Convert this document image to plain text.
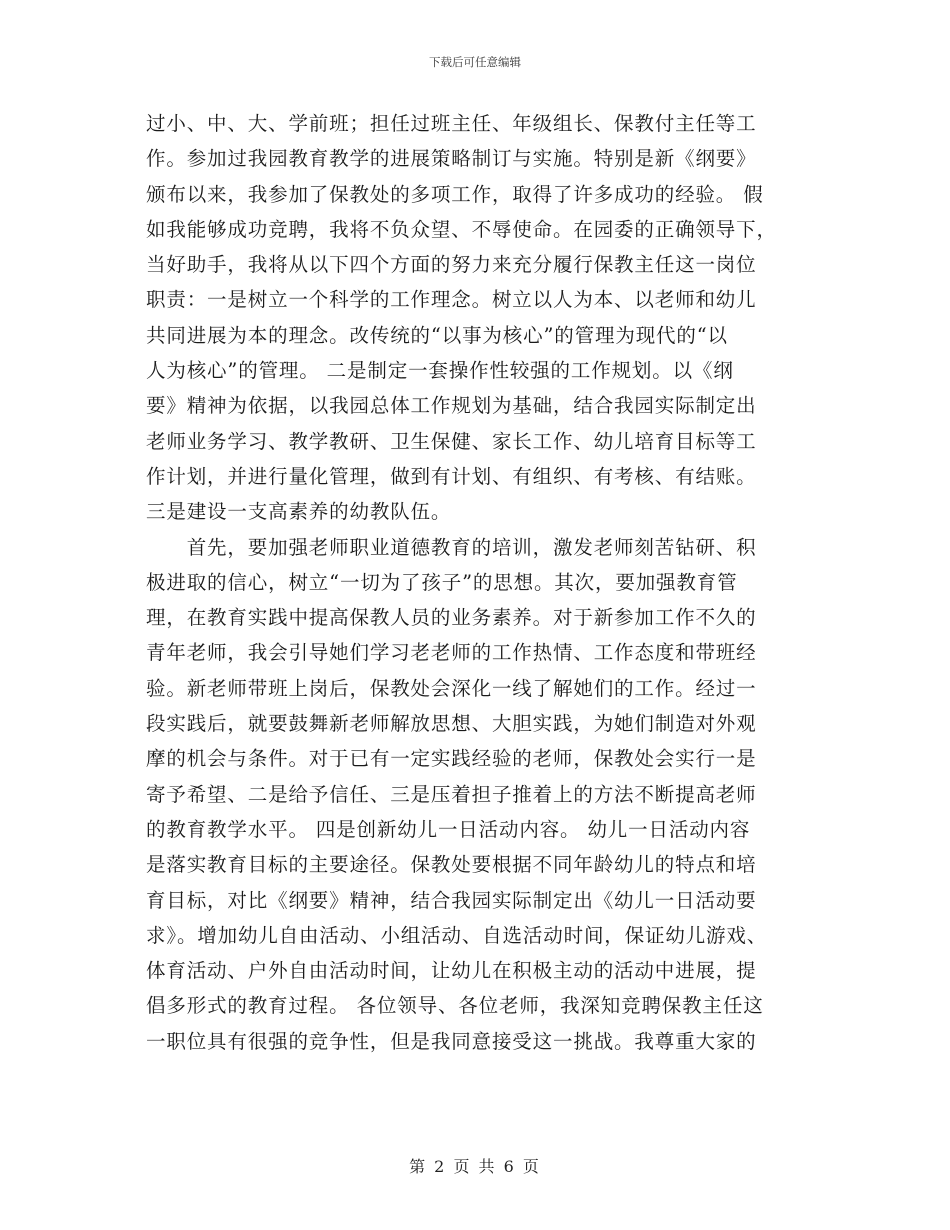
下载后可任意编辑
过小、中、大、学前班；担任过班主任、年级组长、保教付主任等工
作。参加过我园教育教学的进展策略制订与实施。特别是新《纲要》
颁布以来，我参加了保教处的多项工作，取得了许多成功的经验。 假
如我能够成功竞聘，我将不负众望、不辱使命。在园委的正确领导下，
当好助手，我将从以下四个方面的努力来充分履行保教主任这一岗位
职责：一是树立一个科学的工作理念。树立以人为本、以老师和幼儿
共同进展为本的理念。改传统的“以事为核心”的管理为现代的“以
人为核心”的管理。 二是制定一套操作性较强的工作规划。以《纲
要》精神为依据，以我园总体工作规划为基础，结合我园实际制定出
老师业务学习、教学教研、卫生保健、家长工作、幼儿培育目标等工
作计划，并进行量化管理，做到有计划、有组织、有考核、有结账。
三是建设一支高素养的幼教队伍。
　　首先，要加强老师职业道德教育的培训，激发老师刻苦钻研、积
极进取的信心，树立“一切为了孩子”的思想。其次，要加强教育管
理，在教育实践中提高保教人员的业务素养。对于新参加工作不久的
青年老师，我会引导她们学习老老师的工作热情、工作态度和带班经
验。新老师带班上岗后，保教处会深化一线了解她们的工作。经过一
段实践后，就要鼓舞新老师解放思想、大胆实践，为她们制造对外观
摩的机会与条件。对于已有一定实践经验的老师，保教处会实行一是
寄予希望、二是给予信任、三是压着担子推着上的方法不断提高老师
的教育教学水平。 四是创新幼儿一日活动内容。 幼儿一日活动内容
是落实教育目标的主要途径。保教处要根据不同年龄幼儿的特点和培
育目标，对比《纲要》精神，结合我园实际制定出《幼儿一日活动要
求》。增加幼儿自由活动、小组活动、自选活动时间，保证幼儿游戏、
体育活动、户外自由活动时间，让幼儿在积极主动的活动中进展，提
倡多形式的教育过程。 各位领导、各位老师，我深知竞聘保教主任这
一职位具有很强的竞争性，但是我同意接受这一挑战。我尊重大家的
第 2 页 共 6 页
